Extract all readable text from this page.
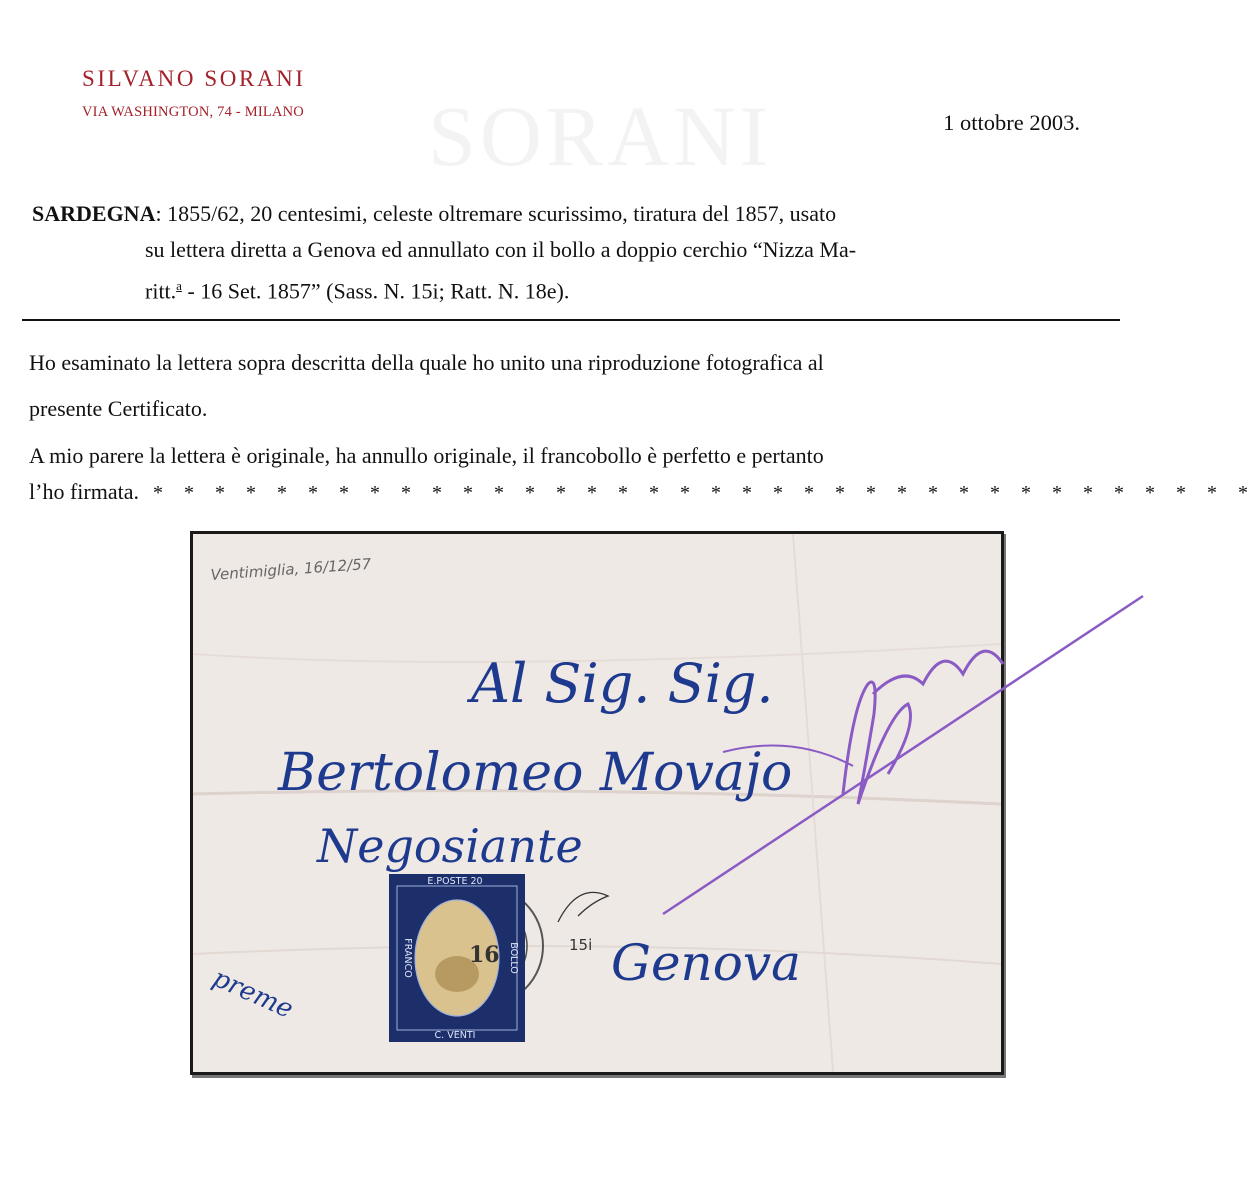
SORANI
SILVANO SORANI
VIA WASHINGTON, 74 - MILANO	1 ottobre 2003.
SARDEGNA: 1855/62, 20 centesimi, celeste oltremare scurissimo, tiratura del 1857, usato
su lettera diretta a Genova ed annullato con il bollo a doppio cerchio “Nizza Ma-
ritt.$^a$ - 16 Set. 1857” (Sass. N. 15i; Ratt. N. 18e).
Ho esaminato la lettera sopra descritta della quale ho unito una riproduzione fotografica al
presente Certificato.
A mio parere la lettera è originale, ha annullo originale, il francobollo è perfetto e pertanto
l’ho firmata. * * * * * * * * * * * * * * * * * * * * * * * * * * * * * * * * * * * *
Ventimiglia, 16/12/57
Al Sig. Sig.
Bertolomeo Movajo
Negosiante
Genova
preme
15i
E.POSTE 20
C. VENTI
FRANCO	BOLLO
16
